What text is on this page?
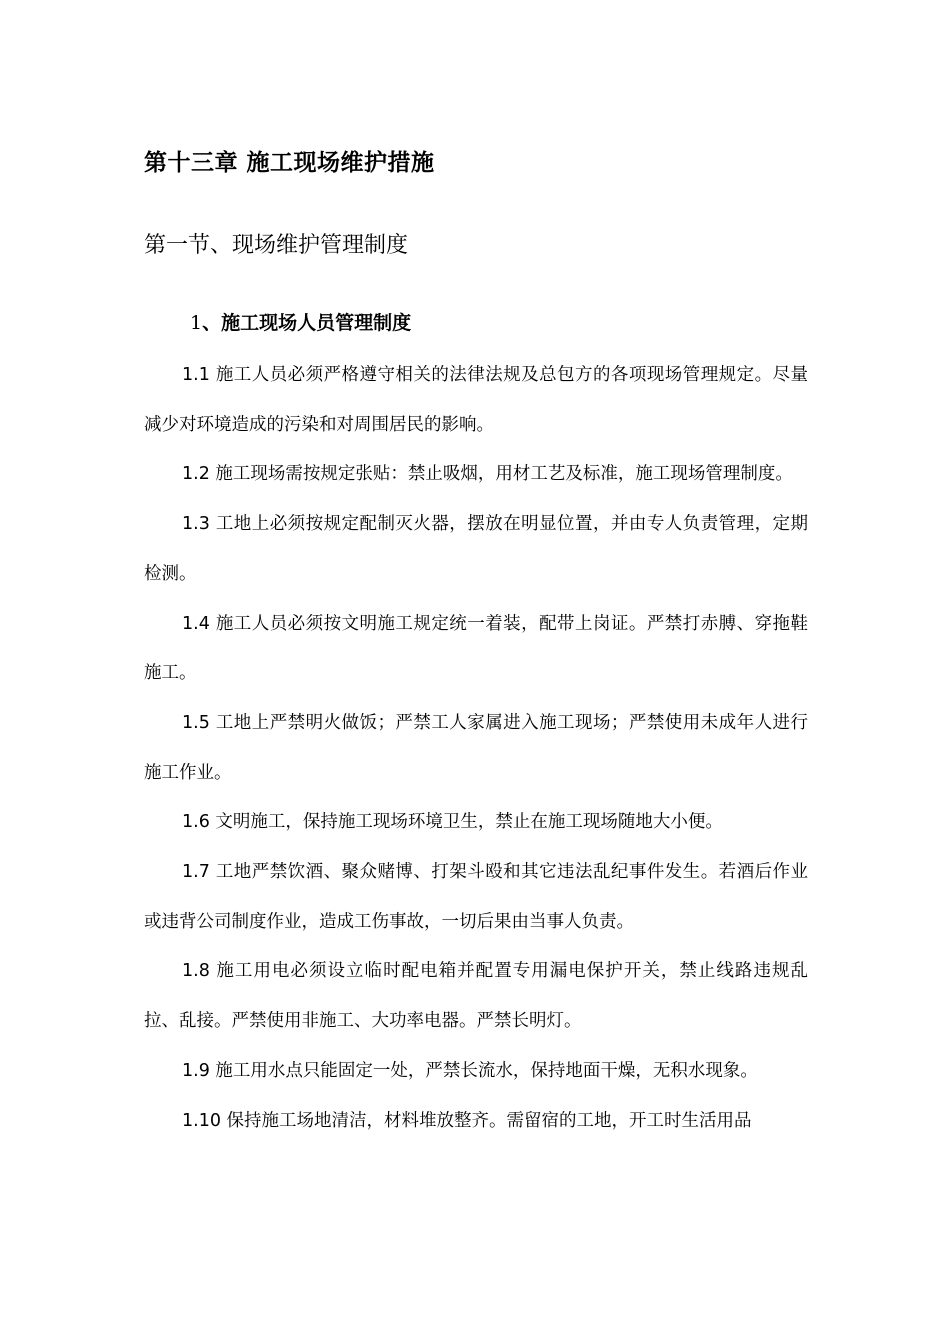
第十三章 施工现场维护措施
第一节、现场维护管理制度
1、施工现场人员管理制度

1.1 施工人员必须严格遵守相关的法律法规及总包方的各项现场管理规定。尽量减少对环境造成的污染和对周围居民的影响。

1.2 施工现场需按规定张贴：禁止吸烟，用材工艺及标准，施工现场管理制度。

1.3 工地上必须按规定配制灭火器，摆放在明显位置，并由专人负责管理，定期检测。

1.4 施工人员必须按文明施工规定统一着装，配带上岗证。严禁打赤膊、穿拖鞋施工。

1.5 工地上严禁明火做饭；严禁工人家属进入施工现场；严禁使用未成年人进行施工作业。

1.6 文明施工，保持施工现场环境卫生，禁止在施工现场随地大小便。

1.7 工地严禁饮酒、聚众赌博、打架斗殴和其它违法乱纪事件发生。若酒后作业或违背公司制度作业，造成工伤事故，一切后果由当事人负责。

1.8 施工用电必须设立临时配电箱并配置专用漏电保护开关，禁止线路违规乱拉、乱接。严禁使用非施工、大功率电器。严禁长明灯。

1.9 施工用水点只能固定一处，严禁长流水，保持地面干燥，无积水现象。

1.10 保持施工场地清洁，材料堆放整齐。需留宿的工地，开工时生活用品
